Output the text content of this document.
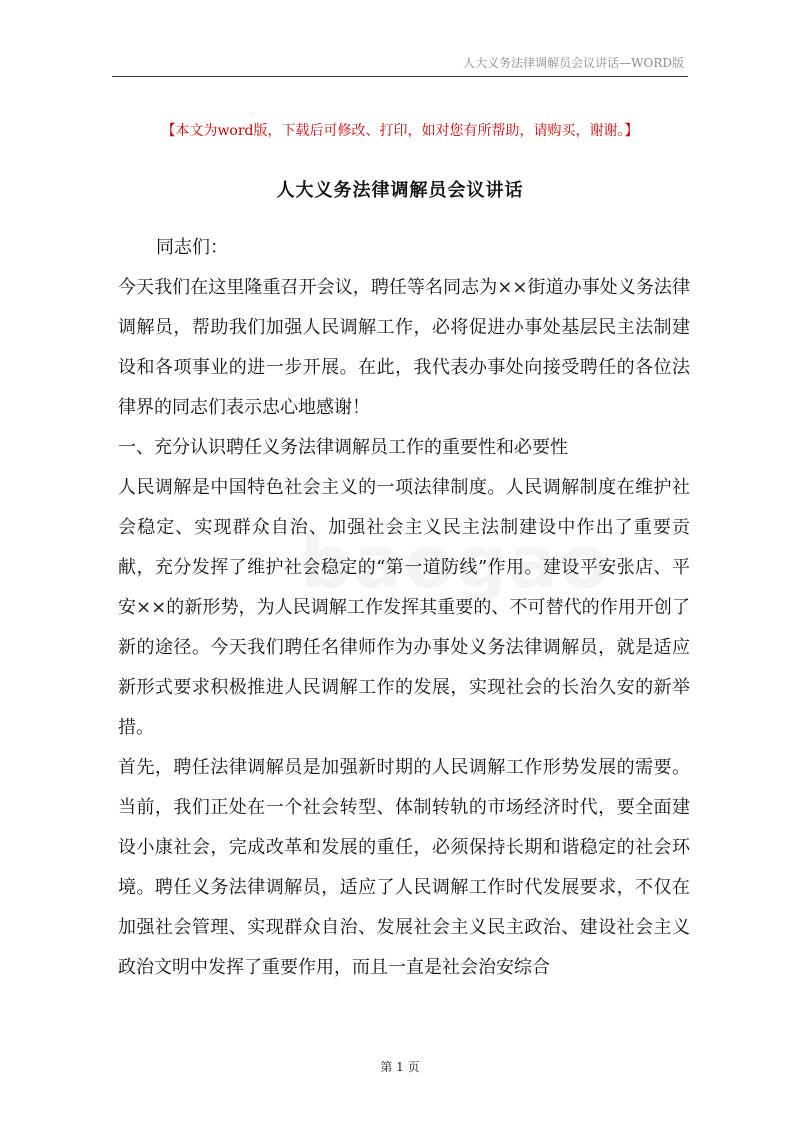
人大义务法律调解员会议讲话—WORD版
【本文为word版，下载后可修改、打印，如对您有所帮助，请购买，谢谢。】
人大义务法律调解员会议讲话

同志们：

今天我们在这里隆重召开会议，聘任等名同志为××街道办事处义务法律调解员，帮助我们加强人民调解工作，必将促进办事处基层民主法制建设和各项事业的进一步开展。在此，我代表办事处向接受聘任的各位法律界的同志们表示忠心地感谢！

一、充分认识聘任义务法律调解员工作的重要性和必要性

人民调解是中国特色社会主义的一项法律制度。人民调解制度在维护社会稳定、实现群众自治、加强社会主义民主法制建设中作出了重要贡献，充分发挥了维护社会稳定的“第一道防线”作用。建设平安张店、平安××的新形势，为人民调解工作发挥其重要的、不可替代的作用开创了新的途径。今天我们聘任名律师作为办事处义务法律调解员，就是适应新形式要求积极推进人民调解工作的发展，实现社会的长治久安的新举措。

首先，聘任法律调解员是加强新时期的人民调解工作形势发展的需要。当前，我们正处在一个社会转型、体制转轨的市场经济时代，要全面建设小康社会，完成改革和发展的重任，必须保持长期和谐稳定的社会环境。聘任义务法律调解员，适应了人民调解工作时代发展要求，不仅在加强社会管理、实现群众自治、发展社会主义民主政治、建设社会主义政治文明中发挥了重要作用，而且一直是社会治安综合

第 1 页
